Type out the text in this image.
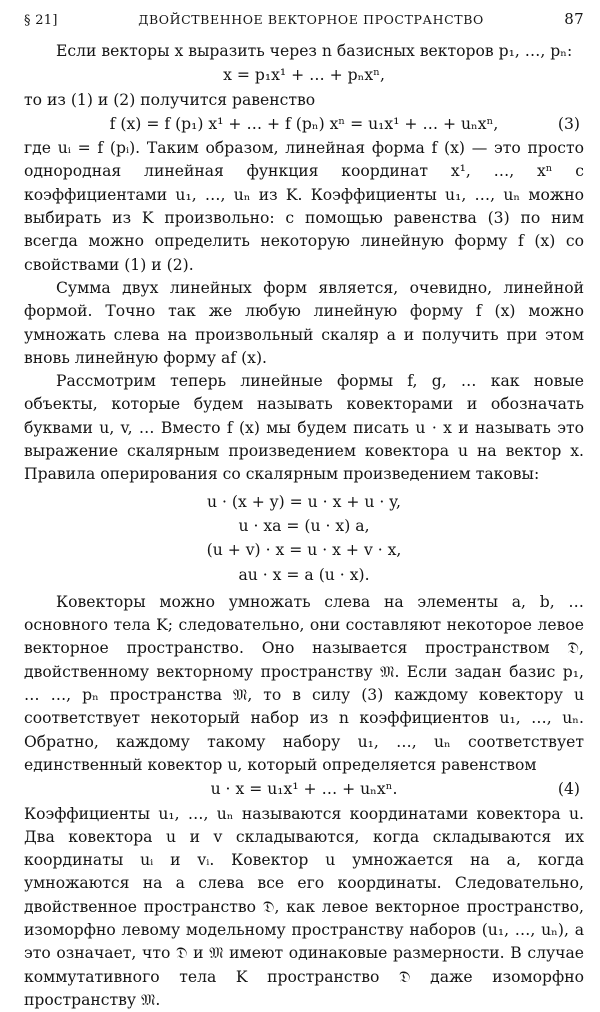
§ 21]	ДВОЙСТВЕННОЕ ВЕКТОРНОЕ ПРОСТРАНСТВО	87

Если векторы x выразить через n базисных векторов p₁, …, pₙ:

x = p₁x¹ + … + pₙxⁿ,

то из (1) и (2) получится равенство

f (x) = f (p₁) x¹ + … + f (pₙ) xⁿ = u₁x¹ + … + uₙxⁿ,	(3)

где uᵢ = f (pᵢ). Таким образом, линейная форма f (x) — это просто однородная линейная функция координат x¹, …, xⁿ с коэффициентами u₁, …, uₙ из K. Коэффициенты u₁, …, uₙ можно выбирать из K произвольно: с помощью равенства (3) по ним всегда можно определить некоторую линейную форму f (x) со свойствами (1) и (2).

Сумма двух линейных форм является, очевидно, линейной формой. Точно так же любую линейную форму f (x) можно умножать слева на произвольный скаляр a и получить при этом вновь линейную форму af (x).

Рассмотрим теперь линейные формы f, g, … как новые объекты, которые будем называть ковекторами и обозначать буквами u, v, … Вместо f (x) мы будем писать u · x и называть это выражение скалярным произведением ковектора u на вектор x. Правила оперирования со скалярным произведением таковы:

u · (x + y) = u · x + u · y,
u · xa = (u · x) a,
(u + v) · x = u · x + v · x,
au · x = a (u · x).

Ковекторы можно умножать слева на элементы a, b, … основного тела K; следовательно, они составляют некоторое левое векторное пространство. Оно называется пространством 𝔇, двойственному векторному пространству 𝔐. Если задан базис p₁, … …, pₙ пространства 𝔐, то в силу (3) каждому ковектору u соответствует некоторый набор из n коэффициентов u₁, …, uₙ. Обратно, каждому такому набору u₁, …, uₙ соответствует единственный ковектор u, который определяется равенством

u · x = u₁x¹ + … + uₙxⁿ.	(4)

Коэффициенты u₁, …, uₙ называются координатами ковектора u. Два ковектора u и v складываются, когда складываются их координаты uᵢ и vᵢ. Ковектор u умножается на a, когда умножаются на a слева все его координаты. Следовательно, двойственное пространство 𝔇, как левое векторное пространство, изоморфно левому модельному пространству наборов (u₁, …, uₙ), а это означает, что 𝔇 и 𝔐 имеют одинаковые размерности. В случае коммутативного тела K пространство 𝔇 даже изоморфно пространству 𝔐.
